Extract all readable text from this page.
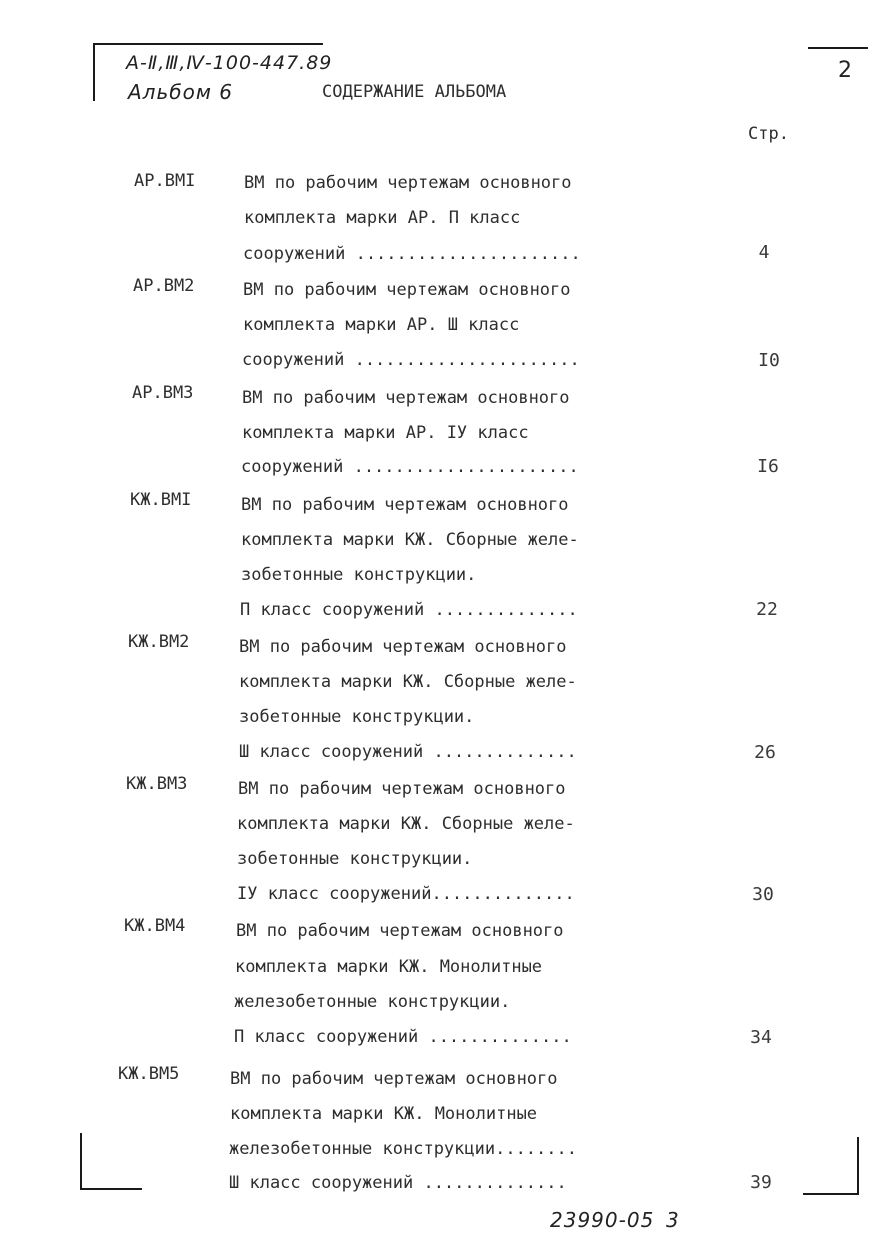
А-Ⅱ,Ⅲ,Ⅳ-100-447.89
Альбом 6	СОДЕРЖАНИЕ АЛЬБОМА
2
Стр.
АР.ВМI	ВМ по рабочим чертежам основного
комплекта марки АР. П класс
сооружений ......................	4
АР.ВМ2	ВМ по рабочим чертежам основного
комплекта марки АР. Ш класс
сооружений ......................	I0
АР.ВМ3	ВМ по рабочим чертежам основного
комплекта марки АР. IУ класс
сооружений ......................	I6
КЖ.ВМI	ВМ по рабочим чертежам основного
комплекта марки КЖ. Сборные желе-
зобетонные конструкции.
П класс сооружений ..............	22
КЖ.ВМ2	ВМ по рабочим чертежам основного
комплекта марки КЖ. Сборные желе-
зобетонные конструкции.
Ш класс сооружений ..............	26
КЖ.ВМ3	ВМ по рабочим чертежам основного
комплекта марки КЖ. Сборные желе-
зобетонные конструкции.
IУ класс сооружений..............	30
КЖ.ВМ4	ВМ по рабочим чертежам основного
комплекта марки КЖ. Монолитные
железобетонные конструкции.
П класс сооружений ..............	34
КЖ.ВМ5	ВМ по рабочим чертежам основного
комплекта марки КЖ. Монолитные
железобетонные конструкции........
Ш класс сооружений ..............	39
23990-05 3
